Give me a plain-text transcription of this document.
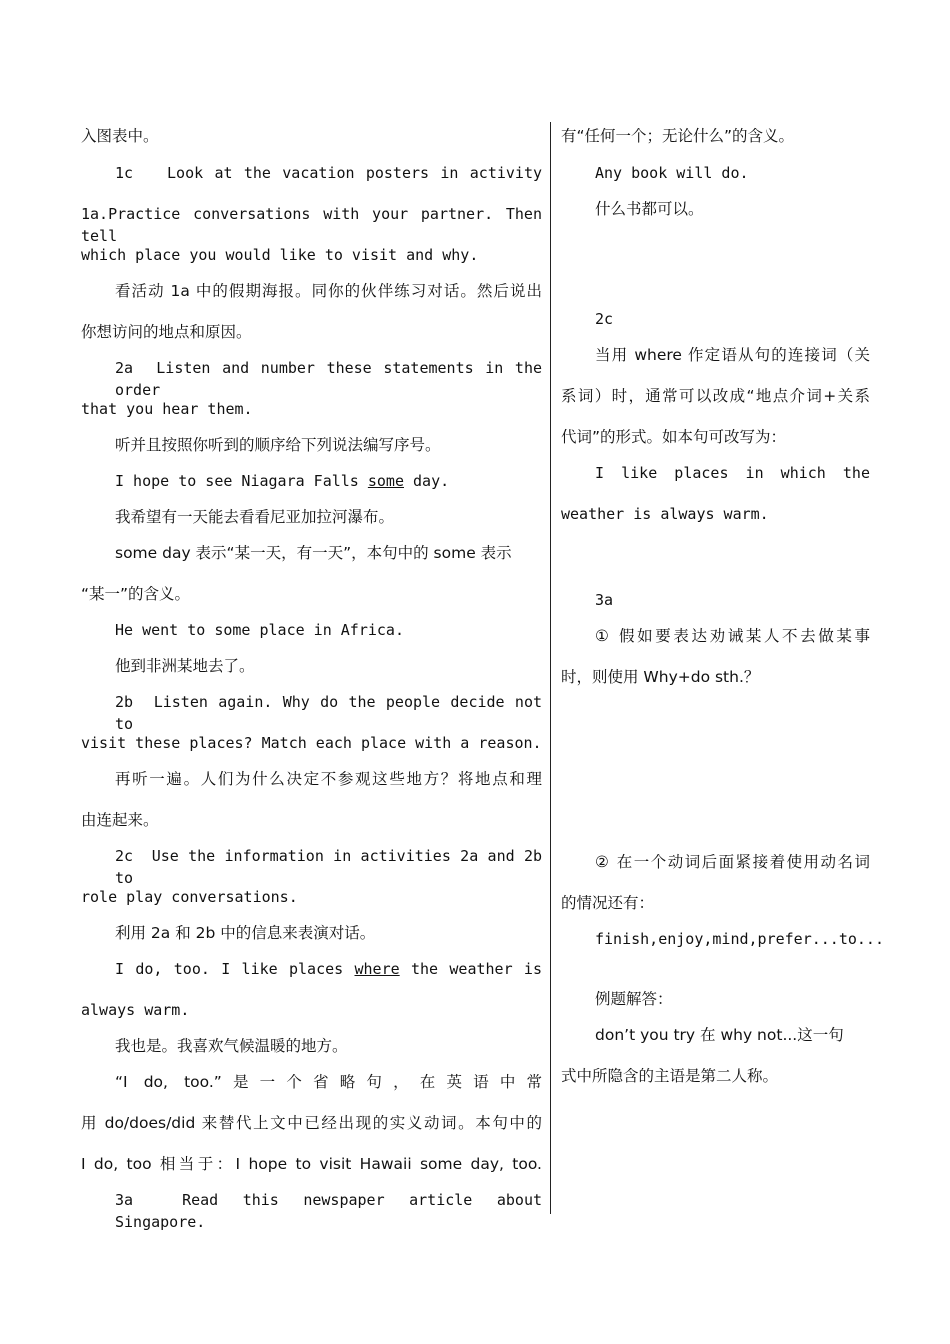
入图表中。
1c Look at the vacation posters in activity
1a.Practice conversations with your partner. Then tell
which place you would like to visit and why.
看活动 1a 中的假期海报。同你的伙伴练习对话。然后说出
你想访问的地点和原因。
2a Listen and number these statements in the order
that you hear them.
听并且按照你听到的顺序给下列说法编写序号。
I hope to see Niagara Falls some day.
我希望有一天能去看看尼亚加拉河瀑布。
some day 表示“某一天，有一天”，本句中的 some 表示
“某一”的含义。
He went to some place in Africa.
他到非洲某地去了。
2b Listen again. Why do the people decide not to
visit these places? Match each place with a reason.
再听一遍。人们为什么决定不参观这些地方？将地点和理
由连起来。
2c Use the information in activities 2a and 2b to
role play conversations.
利用 2a 和 2b 中的信息来表演对话。
I do, too. I like places where the weather is
always warm.
我也是。我喜欢气候温暖的地方。
“I do, too.”是一个省略句，在英语中常
用 do/does/did 来替代上文中已经出现的实义动词。本句中的
I do, too 相当于：I hope to visit Hawaii some day, too.
3a	Read this newspaper article about Singapore.
有“任何一个；无论什么”的含义。
Any book will do.
什么书都可以。
2c
当用 where 作定语从句的连接词（关
系词）时，通常可以改成“地点介词+关系
代词”的形式。如本句可改写为：
I like places in which the
weather is always warm.
3a
① 假如要表达劝诫某人不去做某事
时，则使用 Why+do sth.？
② 在一个动词后面紧接着使用动名词
的情况还有：
finish,enjoy,mind,prefer...to...
例题解答：
don’t you try 在 why not...这一句
式中所隐含的主语是第二人称。
